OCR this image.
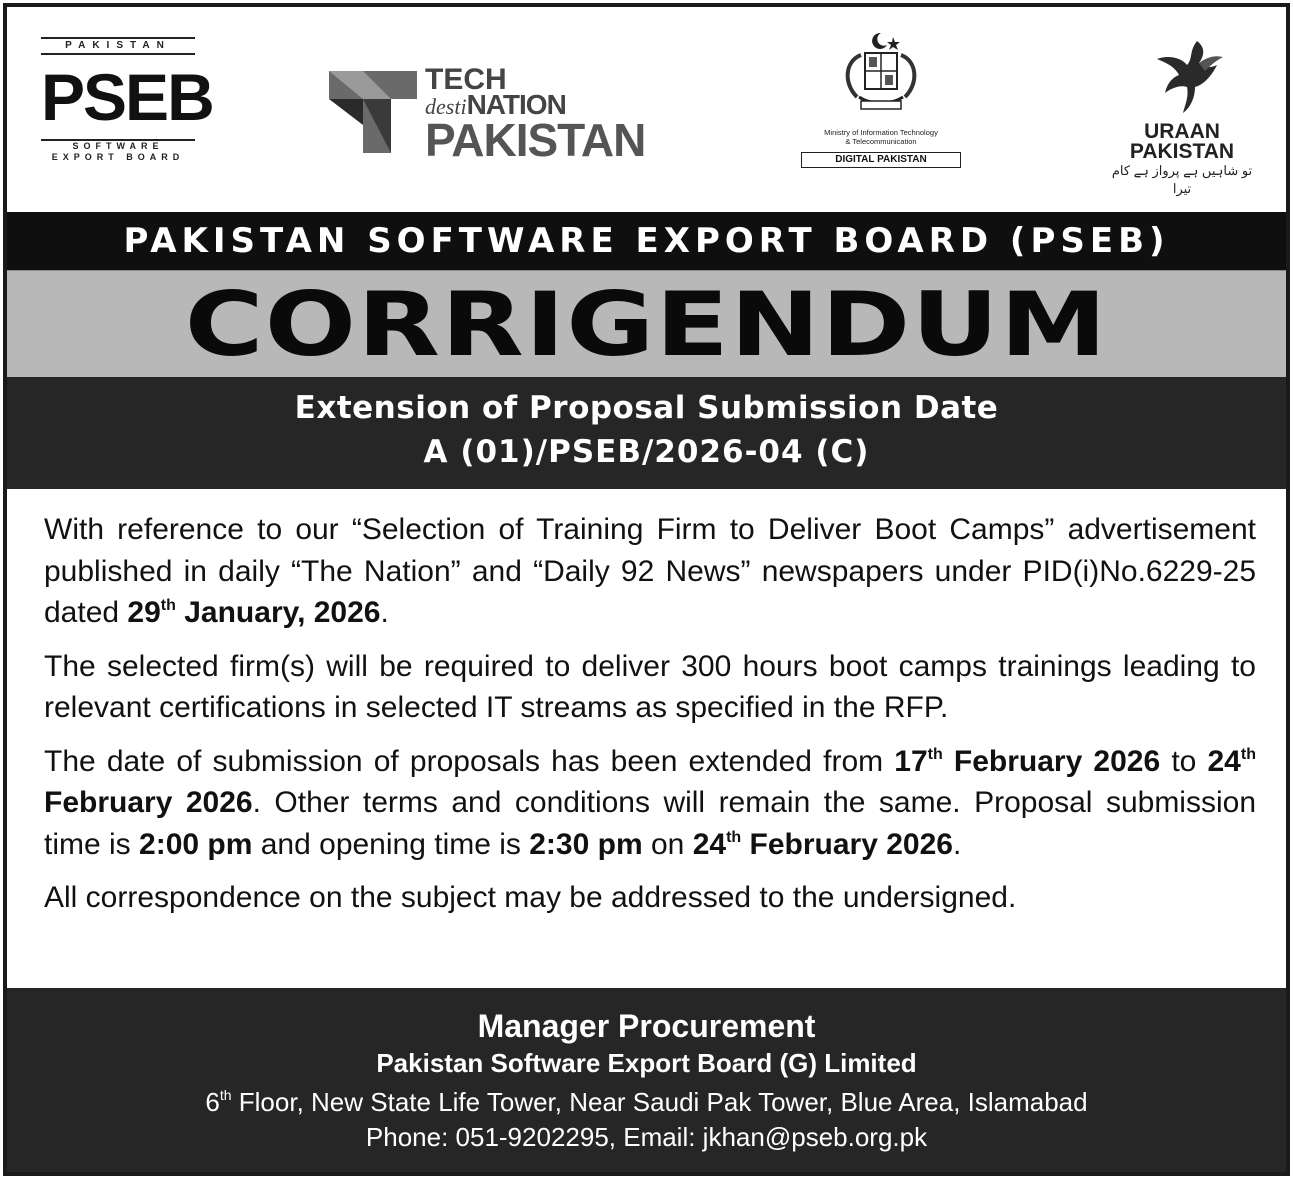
PAKISTAN
PSEB
SOFTWARE
EXPORT BOARD
TECH
destiNATION
PAKISTAN	Ministry of Information Technology
& Telecommunication
DIGITAL PAKISTAN
URAAN
PAKISTAN
تو شاہیں ہے پرواز ہے کام تیرا
PAKISTAN SOFTWARE EXPORT BOARD (PSEB)
CORRIGENDUM
Extension of Proposal Submission Date
A (01)/PSEB/2026-04 (C)

With reference to our “Selection of Training Firm to Deliver Boot Camps” advertisement published in daily “The Nation” and “Daily 92 News” newspapers under PID(i)No.6229-25 dated 29th January, 2026.

The selected firm(s) will be required to deliver 300 hours boot camps trainings leading to relevant certifications in selected IT streams as specified in the RFP.

The date of submission of proposals has been extended from 17th February 2026 to 24th February 2026. Other terms and conditions will remain the same. Proposal submission time is 2:00 pm and opening time is 2:30 pm on 24th February 2026.

All correspondence on the subject may be addressed to the undersigned.

Manager Procurement
Pakistan Software Export Board (G) Limited
6th Floor, New State Life Tower, Near Saudi Pak Tower, Blue Area, Islamabad
Phone: 051-9202295, Email: jkhan@pseb.org.pk
